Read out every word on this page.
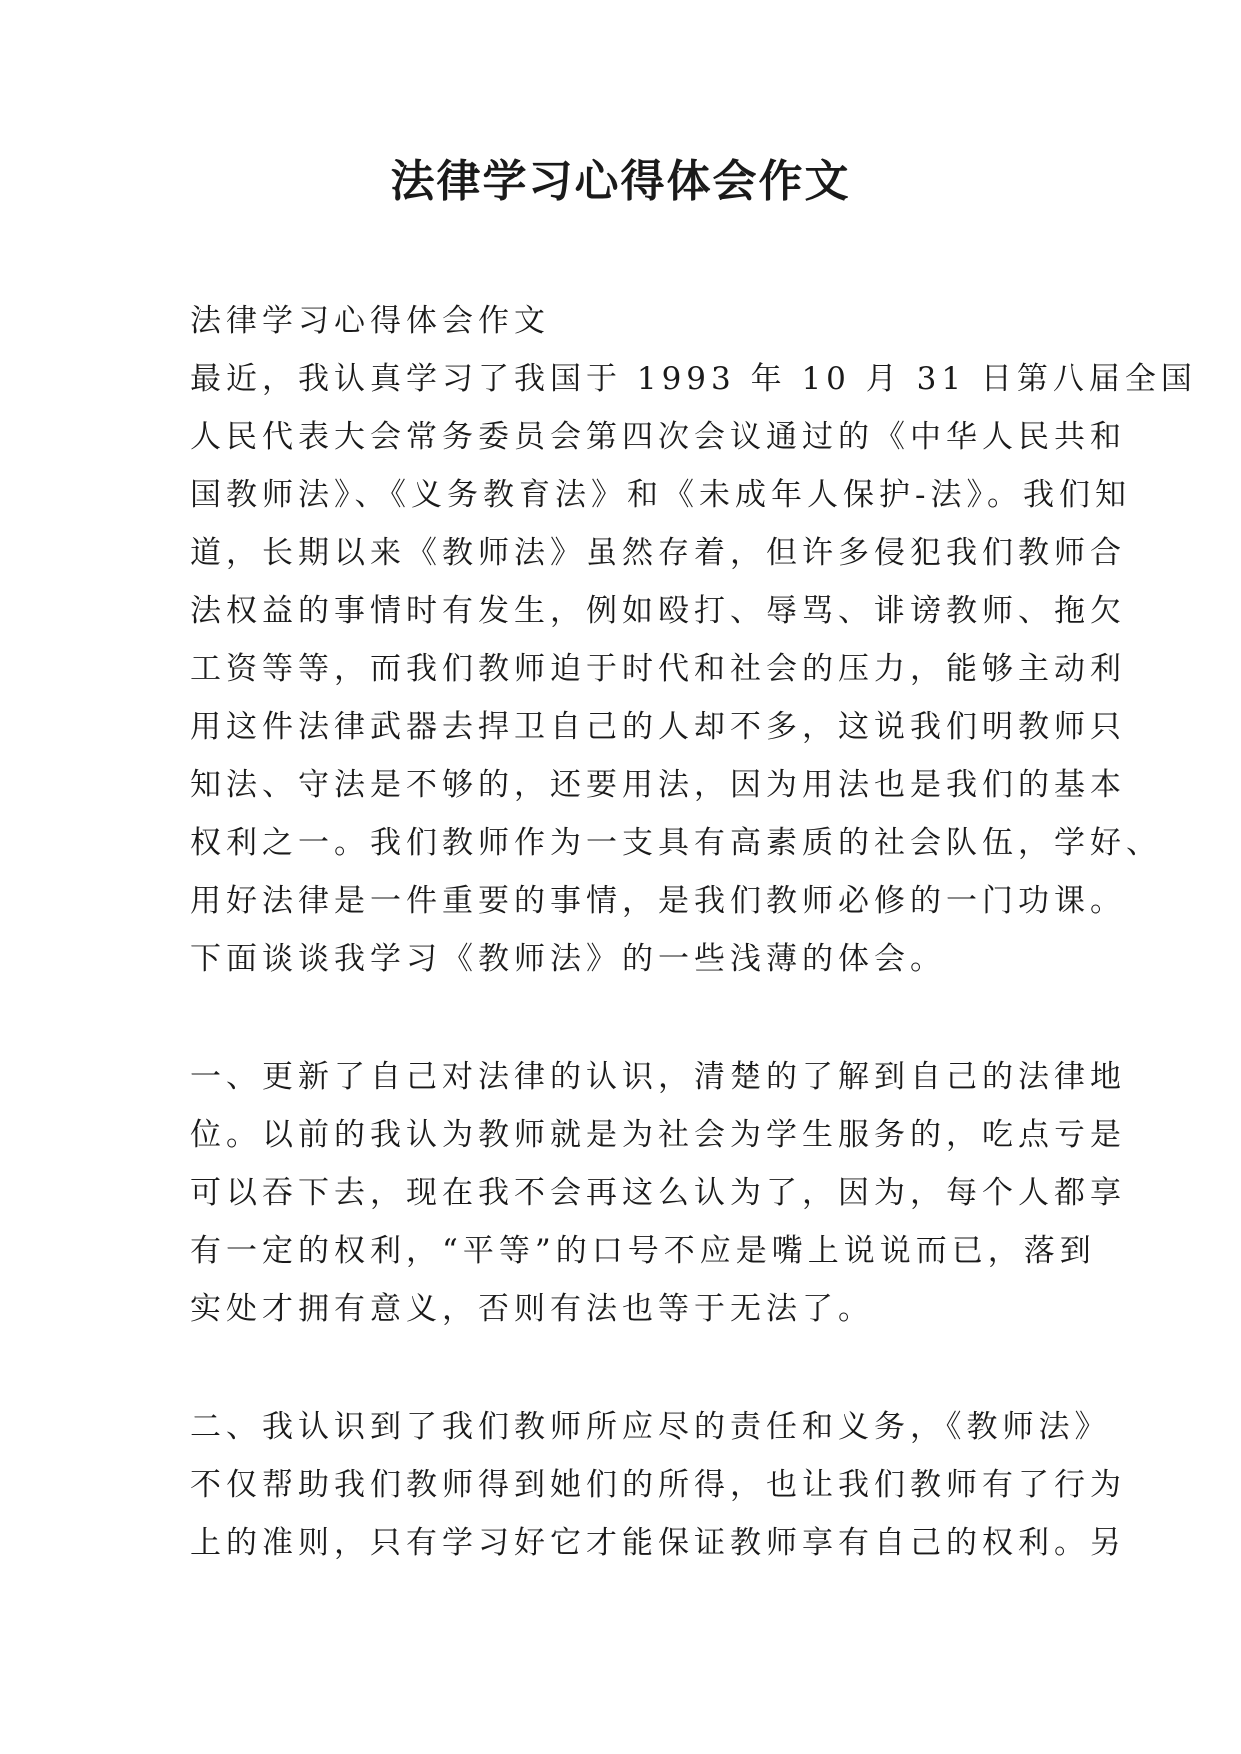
法律学习心得体会作文
法律学习心得体会作文
最近，我认真学习了我国于 1993 年 10 月 31 日第八届全国
人民代表大会常务委员会第四次会议通过的《中华人民共和
国教师法》、《义务教育法》和《未成年人保护-法》。我们知
道，长期以来《教师法》虽然存着，但许多侵犯我们教师合
法权益的事情时有发生，例如殴打、辱骂、诽谤教师、拖欠
工资等等，而我们教师迫于时代和社会的压力，能够主动利
用这件法律武器去捍卫自己的人却不多，这说我们明教师只
知法、守法是不够的，还要用法，因为用法也是我们的基本
权利之一。我们教师作为一支具有高素质的社会队伍，学好、
用好法律是一件重要的事情，是我们教师必修的一门功课。
下面谈谈我学习《教师法》的一些浅薄的体会。
一、更新了自己对法律的认识，清楚的了解到自己的法律地
位。以前的我认为教师就是为社会为学生服务的，吃点亏是
可以吞下去，现在我不会再这么认为了，因为，每个人都享
有一定的权利，“平等”的口号不应是嘴上说说而已，落到
实处才拥有意义，否则有法也等于无法了。
二、我认识到了我们教师所应尽的责任和义务，《教师法》
不仅帮助我们教师得到她们的所得，也让我们教师有了行为
上的准则，只有学习好它才能保证教师享有自己的权利。另
